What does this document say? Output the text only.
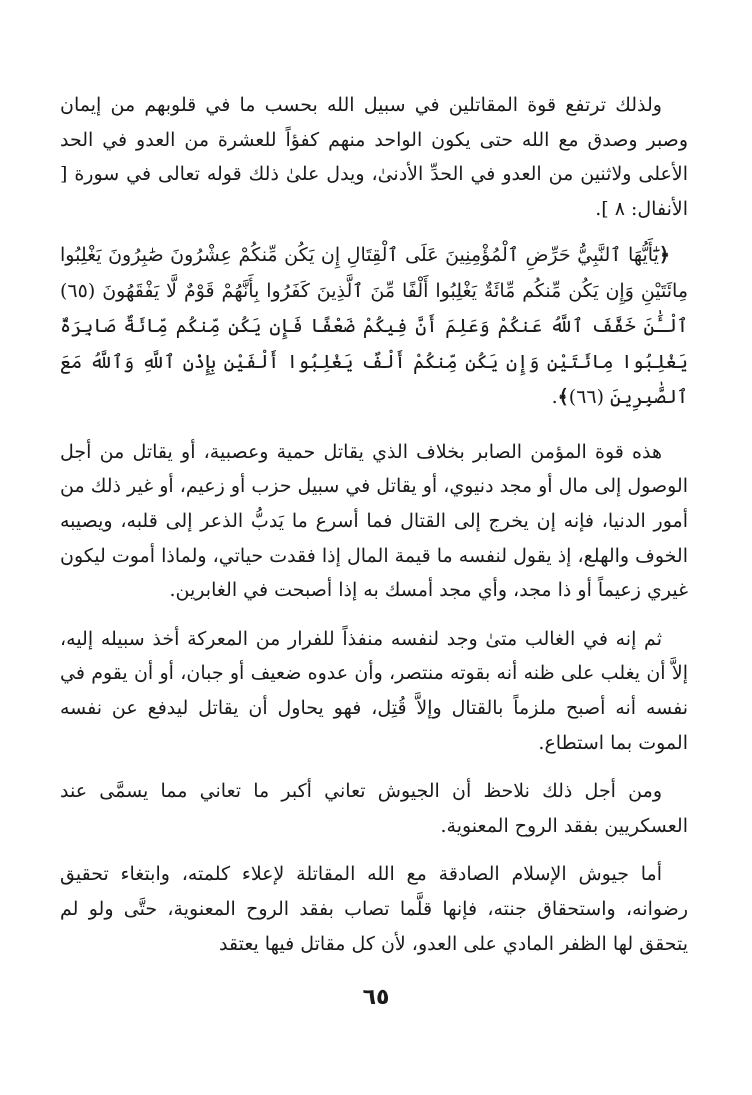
ولذلك ترتفع قوة المقاتلين في سبيل الله بحسب ما في قلوبهم من إيمان وصبر وصدق مع الله حتى يكون الواحد منهم كفؤاً للعشرة من العدو في الحد الأعلى ولاثنين من العدو في الحدِّ الأدنىٰ، ويدل علىٰ ذلك قوله تعالى في سورة [ الأنفال: ٨ ].

﴿يَٰٓأَيُّهَا ٱلنَّبِيُّ حَرِّضِ ٱلْمُؤْمِنِينَ عَلَى ٱلْقِتَالِ إِن يَكُن مِّنكُمْ عِشْرُونَ صَٰبِرُونَ يَغْلِبُوا مِائَتَيْنِ وَإِن يَكُن مِّنكُم مِّائَةٌ يَغْلِبُوا أَلْفًا مِّنَ ٱلَّذِينَ كَفَرُوا بِأَنَّهُمْ قَوْمٌ لَّا يَفْقَهُونَ (٦٥) ٱلْـَٰٔنَ خَفَّفَ ٱللَّهُ عَنكُمْ وَعَلِمَ أَنَّ فِيكُمْ ضَعْفًا فَإِن يَكُن مِّنكُم مِّائَةٌ صَابِرَةٌ يَغْلِبُوا مِائَتَيْنِ وَإِن يَكُن مِّنكُمْ أَلْفٌ يَغْلِبُوا أَلْفَيْنِ بِإِذْنِ ٱللَّهِ وَٱللَّهُ مَعَ ٱلصَّٰبِرِينَ (٦٦)﴾.

هذه قوة المؤمن الصابر بخلاف الذي يقاتل حمية وعصبية، أو يقاتل من أجل الوصول إلى مال أو مجد دنيوي، أو يقاتل في سبيل حزب أو زعيم، أو غير ذلك من أمور الدنيا، فإنه إن يخرج إلى القتال فما أسرع ما يَدبُّ الذعر إلى قلبه، ويصيبه الخوف والهلع، إذ يقول لنفسه ما قيمة المال إذا فقدت حياتي، ولماذا أموت ليكون غيري زعيماً أو ذا مجد، وأي مجد أمسك به إذا أصبحت في الغابرين.

ثم إنه في الغالب متىٰ وجد لنفسه منفذاً للفرار من المعركة أخذ سبيله إليه، إلاَّ أن يغلب على ظنه أنه بقوته منتصر، وأن عدوه ضعيف أو جبان، أو أن يقوم في نفسه أنه أصبح ملزماً بالقتال وإلاَّ قُتِل، فهو يحاول أن يقاتل ليدفع عن نفسه الموت بما استطاع.

ومن أجل ذلك نلاحظ أن الجيوش تعاني أكبر ما تعاني مما يسمَّى عند العسكريين بفقد الروح المعنوية.

أما جيوش الإسلام الصادقة مع الله المقاتلة لإعلاء كلمته، وابتغاء تحقيق رضوانه، واستحقاق جنته، فإنها قلَّما تصاب بفقد الروح المعنوية، حتَّى ولو لم يتحقق لها الظفر المادي على العدو، لأن كل مقاتل فيها يعتقد

٦٥
